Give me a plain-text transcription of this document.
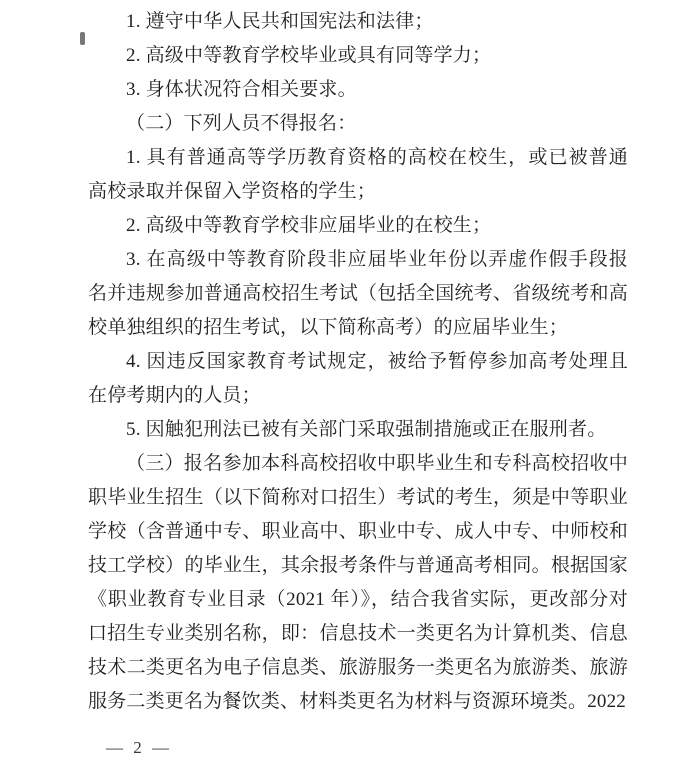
1. 遵守中华人民共和国宪法和法律；
2. 高级中等教育学校毕业或具有同等学力；
3. 身体状况符合相关要求。
（二）下列人员不得报名：
1. 具有普通高等学历教育资格的高校在校生，或已被普通
高校录取并保留入学资格的学生；
2. 高级中等教育学校非应届毕业的在校生；
3. 在高级中等教育阶段非应届毕业年份以弄虚作假手段报
名并违规参加普通高校招生考试（包括全国统考、省级统考和高
校单独组织的招生考试，以下简称高考）的应届毕业生；
4. 因违反国家教育考试规定，被给予暂停参加高考处理且
在停考期内的人员；
5. 因触犯刑法已被有关部门采取强制措施或正在服刑者。
（三）报名参加本科高校招收中职毕业生和专科高校招收中
职毕业生招生（以下简称对口招生）考试的考生，须是中等职业
学校（含普通中专、职业高中、职业中专、成人中专、中师校和
技工学校）的毕业生，其余报考条件与普通高考相同。根据国家
《职业教育专业目录（2021 年）》，结合我省实际，更改部分对
口招生专业类别名称，即：信息技术一类更名为计算机类、信息
技术二类更名为电子信息类、旅游服务一类更名为旅游类、旅游
服务二类更名为餐饮类、材料类更名为材料与资源环境类。2022
— 2 —
